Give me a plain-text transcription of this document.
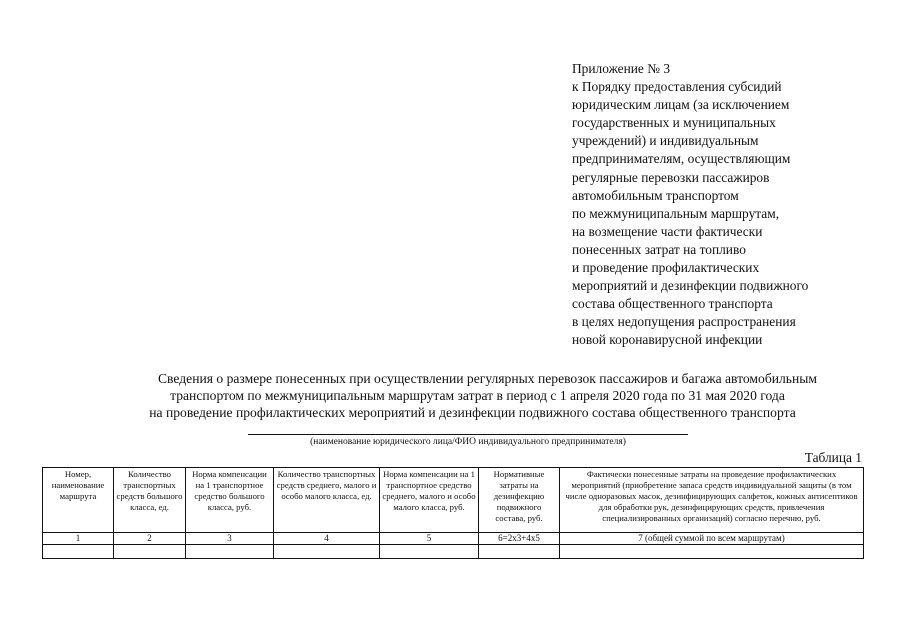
Приложение № 3
к Порядку предоставления субсидий
юридическим лицам (за исключением
государственных и муниципальных
учреждений) и индивидуальным
предпринимателям, осуществляющим
регулярные перевозки пассажиров
автомобильным транспортом
по межмуниципальным маршрутам,
на возмещение части фактически
понесенных затрат на топливо
и проведение профилактических
мероприятий и дезинфекции подвижного
состава общественного транспорта
в целях недопущения распространения
новой коронавирусной инфекции
Сведения о размере понесенных при осуществлении регулярных перевозок пассажиров и багажа автомобильным
транспортом по межмуниципальным маршрутам затрат в период с 1 апреля 2020 года по 31 мая 2020 года
на проведение профилактических мероприятий и дезинфекции подвижного состава общественного транспорта
(наименование юридического лица/ФИО индивидуального предпринимателя)
Таблица 1
Номер, наименование маршрута	Количество транспортных средств большого класса, ед.	Норма компенсации на 1 транспортное средство большого класса, руб.	Количество транспортных средств среднего, малого и особо малого класса, ед.	Норма компенсации на 1 транспортное средство среднего, малого и особо малого класса, руб.	Нормативные затраты на дезинфекцию подвижного состава, руб.	Фактически понесенные затраты на проведение профилактических мероприятий (приобретение запаса средств индивидуальной защиты (в том числе одноразовых масок, дезинфицирующих салфеток, кожных антисептиков для обработки рук, дезинфицирующих средств, привлечения специализированных организаций) согласно перечню, руб.
1	2	3	4	5	6=2x3+4x5	7 (общей суммой по всем маршрутам)
